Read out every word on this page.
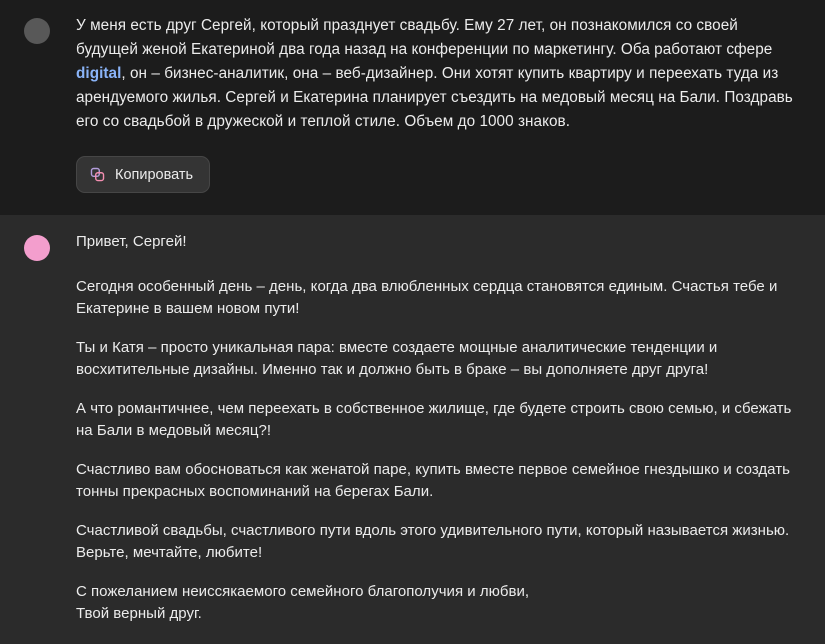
У меня есть друг Сергей, который празднует свадьбу. Ему 27 лет, он познакомился со своей будущей женой Екатериной два года назад на конференции по маркетингу. Оба работают сфере digital, он – бизнес-аналитик, она – веб-дизайнер. Они хотят купить квартиру и переехать туда из арендуемого жилья. Сергей и Екатерина планирует съездить на медовый месяц на Бали. Поздравь его со свадьбой в дружеской и теплой стиле. Объем до 1000 знаков.

Копировать

Привет, Сергей!

Сегодня особенный день – день, когда два влюбленных сердца становятся единым. Счастья тебе и Екатерине в вашем новом пути!

Ты и Катя – просто уникальная пара: вместе создаете мощные аналитические тенденции и восхитительные дизайны. Именно так и должно быть в браке – вы дополняете друг друга!

А что романтичнее, чем переехать в собственное жилище, где будете строить свою семью, и сбежать на Бали в медовый месяц?!

Счастливо вам обосноваться как женатой паре, купить вместе первое семейное гнездышко и создать тонны прекрасных воспоминаний на берегах Бали.

Счастливой свадьбы, счастливого пути вдоль этого удивительного пути, который называется жизнью. Верьте, мечтайте, любите!

С пожеланием неиссякаемого семейного благополучия и любви,

Твой верный друг.
